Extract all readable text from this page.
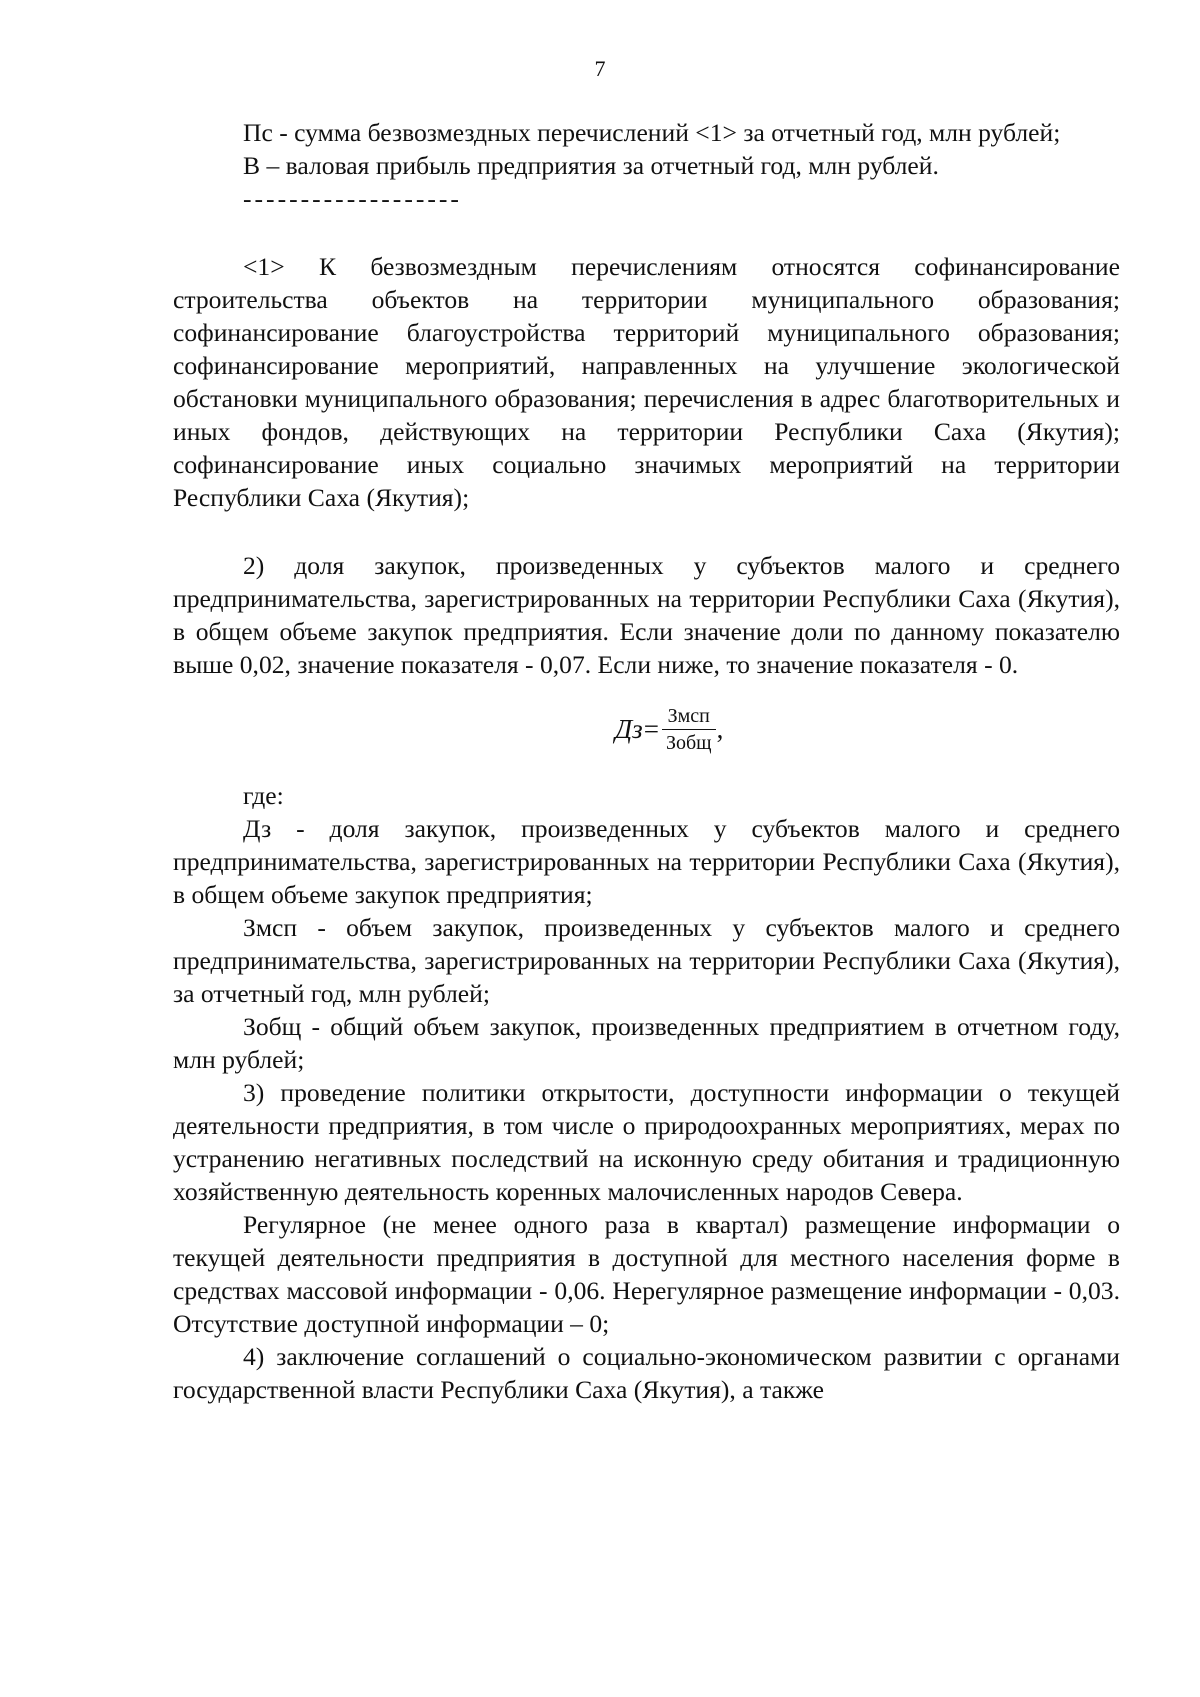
7

Пс - сумма безвозмездных перечислений <1> за отчетный год, млн рублей;

В – валовая прибыль предприятия за отчетный год, млн рублей.

-------------------

<1> К безвозмездным перечислениям относятся софинансирование строительства объектов на территории муниципального образования; софинансирование благоустройства территорий муниципального образования; софинансирование мероприятий, направленных на улучшение экологической обстановки муниципального образования; перечисления в адрес благотворительных и иных фондов, действующих на территории Республики Саха (Якутия); софинансирование иных социально значимых мероприятий на территории Республики Саха (Якутия);

2) доля закупок, произведенных у субъектов малого и среднего предпринимательства, зарегистрированных на территории Республики Саха (Якутия), в общем объеме закупок предприятия. Если значение доли по данному показателю выше 0,02, значение показателя - 0,07. Если ниже, то значение показателя - 0.

Дз = $\frac{\text{Змсп}}{\text{Зобщ}}$ ,

где:

Дз - доля закупок, произведенных у субъектов малого и среднего предпринимательства, зарегистрированных на территории Республики Саха (Якутия), в общем объеме закупок предприятия;

Змсп - объем закупок, произведенных у субъектов малого и среднего предпринимательства, зарегистрированных на территории Республики Саха (Якутия), за отчетный год, млн рублей;

Зобщ - общий объем закупок, произведенных предприятием в отчетном году, млн рублей;

3) проведение политики открытости, доступности информации о текущей деятельности предприятия, в том числе о природоохранных мероприятиях, мерах по устранению негативных последствий на исконную среду обитания и традиционную хозяйственную деятельность коренных малочисленных народов Севера.

Регулярное (не менее одного раза в квартал) размещение информации о текущей деятельности предприятия в доступной для местного населения форме в средствах массовой информации - 0,06. Нерегулярное размещение информации - 0,03. Отсутствие доступной информации – 0;

4) заключение соглашений о социально-экономическом развитии с органами государственной власти Республики Саха (Якутия), а также
